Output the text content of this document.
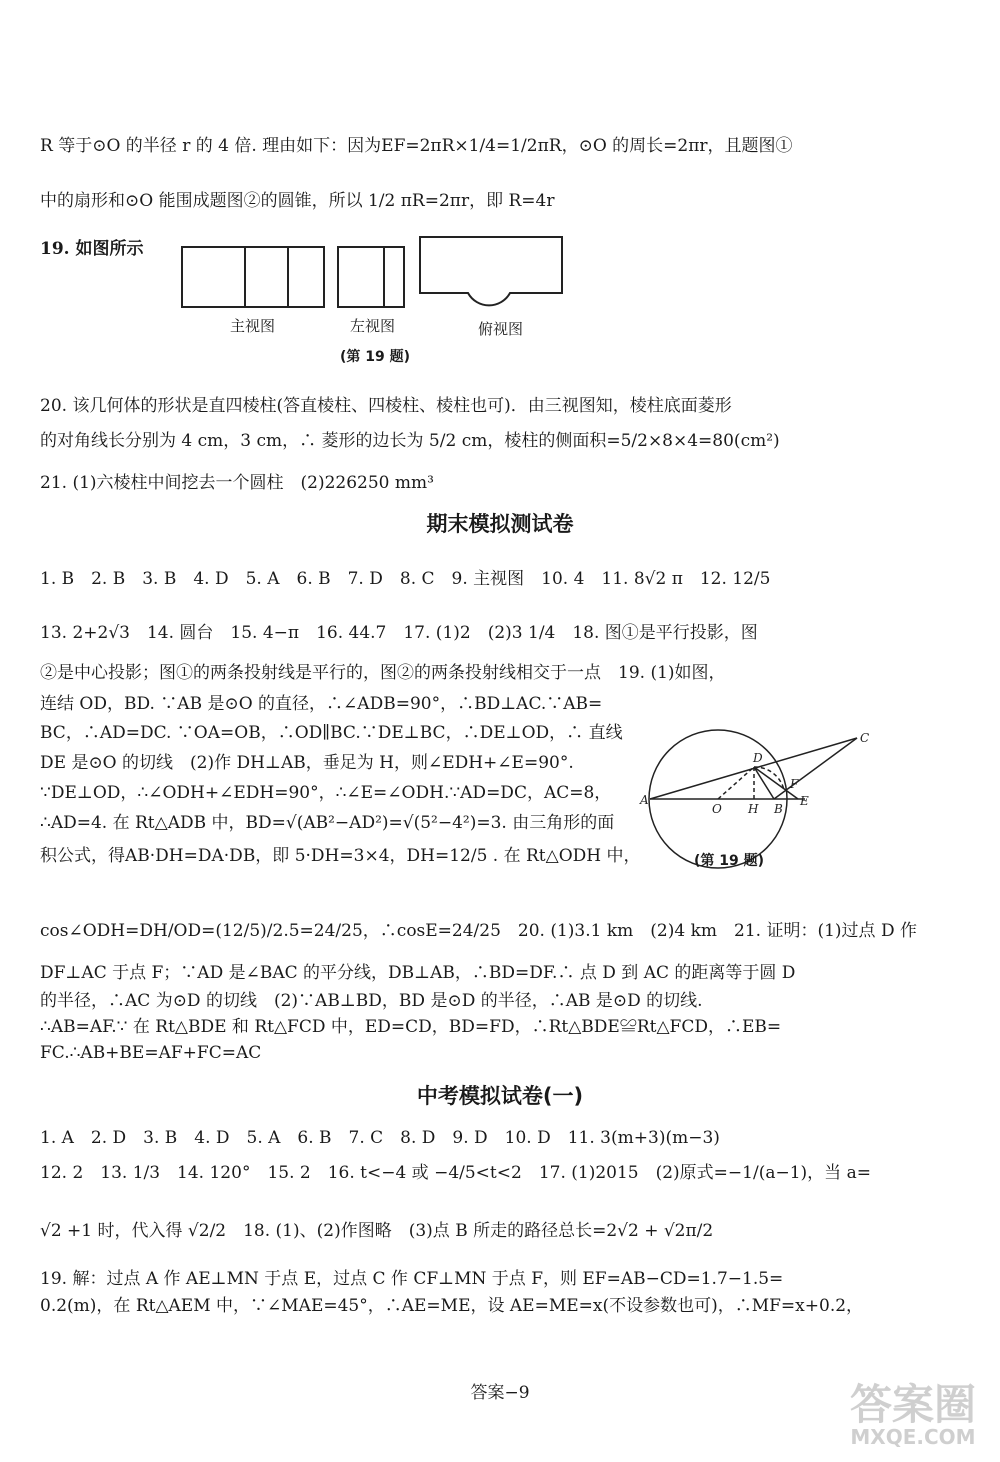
R 等于⊙O 的半径 r 的 4 倍. 理由如下：因为EF=2πR×1/4=1/2πR，⊙O 的周长=2πr，且题图①
中的扇形和⊙O 能围成题图②的圆锥，所以 1/2 πR=2πr，即 R=4r
19. 如图所示
主视图	左视图	俯视图
(第 19 题)
20. 该几何体的形状是直四棱柱(答直棱柱、四棱柱、棱柱也可)．由三视图知，棱柱底面菱形
的对角线长分别为 4 cm，3 cm，∴ 菱形的边长为 5/2 cm，棱柱的侧面积=5/2×8×4=80(cm²)
21. (1)六棱柱中间挖去一个圆柱　(2)226250 mm³
期末模拟测试卷
1. B　2. B　3. B　4. D　5. A　6. B　7. D　8. C　9. 主视图　10. 4　11. 8√2 π　12. 12/5
13. 2+2√3　14. 圆台　15. 4−π　16. 44.7　17. (1)2　(2)3 1/4　18. 图①是平行投影，图
②是中心投影；图①的两条投射线是平行的，图②的两条投射线相交于一点　19. (1)如图，
连结 OD，BD. ∵AB 是⊙O 的直径，∴∠ADB=90°，∴BD⊥AC.∵AB=
BC，∴AD=DC. ∵OA=OB，∴OD∥BC.∵DE⊥BC，∴DE⊥OD，∴ 直线
DE 是⊙O 的切线　(2)作 DH⊥AB，垂足为 H，则∠EDH+∠E=90°.
∵DE⊥OD，∴∠ODH+∠EDH=90°，∴∠E=∠ODH.∵AD=DC，AC=8，
∴AD=4. 在 Rt△ADB 中，BD=√(AB²−AD²)=√(5²−4²)=3. 由三角形的面
积公式，得AB·DH=DA·DB，即 5·DH=3×4，DH=12/5 . 在 Rt△ODH 中，
C
D
F
A
O H B
E
(第 19 题)
cos∠ODH=DH/OD=(12/5)/2.5=24/25，∴cosE=24/25　20. (1)3.1 km　(2)4 km　21. 证明：(1)过点 D 作
DF⊥AC 于点 F；∵AD 是∠BAC 的平分线，DB⊥AB，∴BD=DF.∴ 点 D 到 AC 的距离等于圆 D
的半径，∴AC 为⊙D 的切线　(2)∵AB⊥BD，BD 是⊙D 的半径，∴AB 是⊙D 的切线.
∴AB=AF.∵ 在 Rt△BDE 和 Rt△FCD 中，ED=CD，BD=FD，∴Rt△BDE≌Rt△FCD，∴EB=
FC.∴AB+BE=AF+FC=AC
中考模拟试卷(一)
1. A　2. D　3. B　4. D　5. A　6. B　7. C　8. D　9. D　10. D　11. 3(m+3)(m−3)
12. 2　13. 1/3　14. 120°　15. 2　16. t<−4 或 −4/5<t<2　17. (1)2015　(2)原式=−1/(a−1)，当 a=
√2 +1 时，代入得 √2/2　18. (1)、(2)作图略　(3)点 B 所走的路径总长=2√2 + √2π/2
19. 解：过点 A 作 AE⊥MN 于点 E，过点 C 作 CF⊥MN 于点 F，则 EF=AB−CD=1.7−1.5=
0.2(m)，在 Rt△AEM 中，∵∠MAE=45°，∴AE=ME，设 AE=ME=x(不设参数也可)，∴MF=x+0.2，
答案−9	答案圈
MXQE.COM
